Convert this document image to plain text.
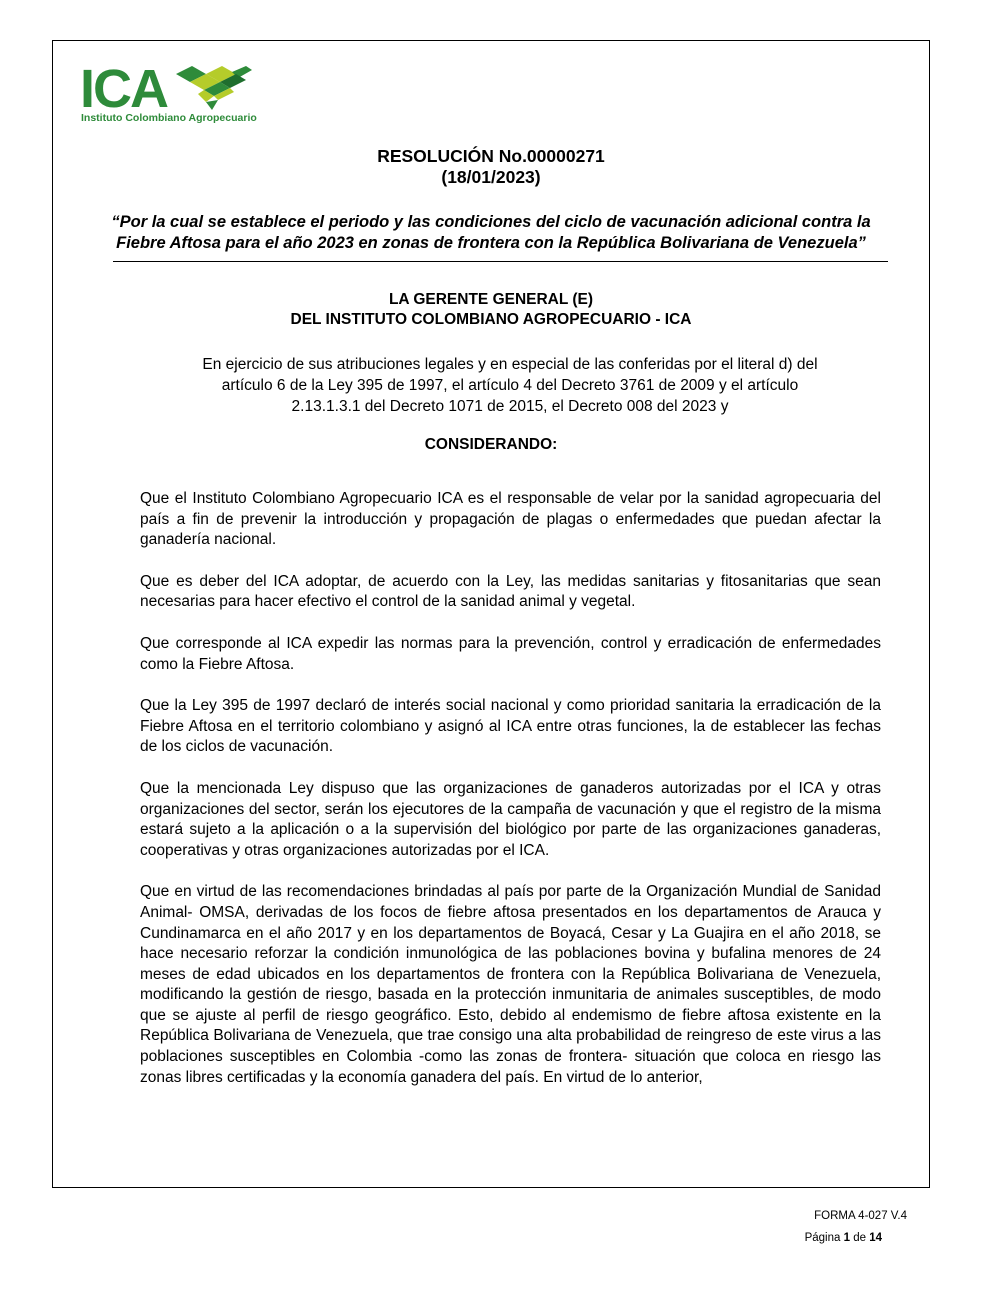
ICA
Instituto Colombiano Agropecuario
RESOLUCIÓN No.00000271
(18/01/2023)
“Por la cual se establece el periodo y las condiciones del ciclo de vacunación adicional contra la
Fiebre Aftosa para el año 2023 en zonas de frontera con la República Bolivariana de Venezuela”
LA GERENTE GENERAL (E)
DEL INSTITUTO COLOMBIANO AGROPECUARIO - ICA
En ejercicio de sus atribuciones legales y en especial de las conferidas por el literal d) del
artículo 6 de la Ley 395 de 1997, el artículo 4 del Decreto 3761 de 2009 y el artículo
2.13.1.3.1 del Decreto 1071 de 2015, el Decreto 008 del 2023 y
CONSIDERANDO:

Que el Instituto Colombiano Agropecuario ICA es el responsable de velar por la sanidad agropecuaria del país a fin de prevenir la introducción y propagación de plagas o enfermedades que puedan afectar la ganadería nacional.

Que es deber del ICA adoptar, de acuerdo con la Ley, las medidas sanitarias y fitosanitarias que sean necesarias para hacer efectivo el control de la sanidad animal y vegetal.

Que corresponde al ICA expedir las normas para la prevención, control y erradicación de enfermedades como la Fiebre Aftosa.

Que la Ley 395 de 1997 declaró de interés social nacional y como prioridad sanitaria la erradicación de la Fiebre Aftosa en el territorio colombiano y asignó al ICA entre otras funciones, la de establecer las fechas de los ciclos de vacunación.

Que la mencionada Ley dispuso que las organizaciones de ganaderos autorizadas por el ICA y otras organizaciones del sector, serán los ejecutores de la campaña de vacunación y que el registro de la misma estará sujeto a la aplicación o a la supervisión del biológico por parte de las organizaciones ganaderas, cooperativas y otras organizaciones autorizadas por el ICA.

Que en virtud de las recomendaciones brindadas al país por parte de la Organización Mundial de Sanidad Animal- OMSA, derivadas de los focos de fiebre aftosa presentados en los departamentos de Arauca y Cundinamarca en el año 2017 y en los departamentos de Boyacá, Cesar y La Guajira en el año 2018, se hace necesario reforzar la condición inmunológica de las poblaciones bovina y bufalina menores de 24 meses de edad ubicados en los departamentos de frontera con la República Bolivariana de Venezuela, modificando la gestión de riesgo, basada en la protección inmunitaria de animales susceptibles, de modo que se ajuste al perfil de riesgo geográfico. Esto, debido al endemismo de fiebre aftosa existente en la República Bolivariana de Venezuela, que trae consigo una alta probabilidad de reingreso de este virus a las poblaciones susceptibles en Colombia -como las zonas de frontera- situación que coloca en riesgo las zonas libres certificadas y la economía ganadera del país. En virtud de lo anterior,

FORMA 4-027 V.4
Página 1 de 14
